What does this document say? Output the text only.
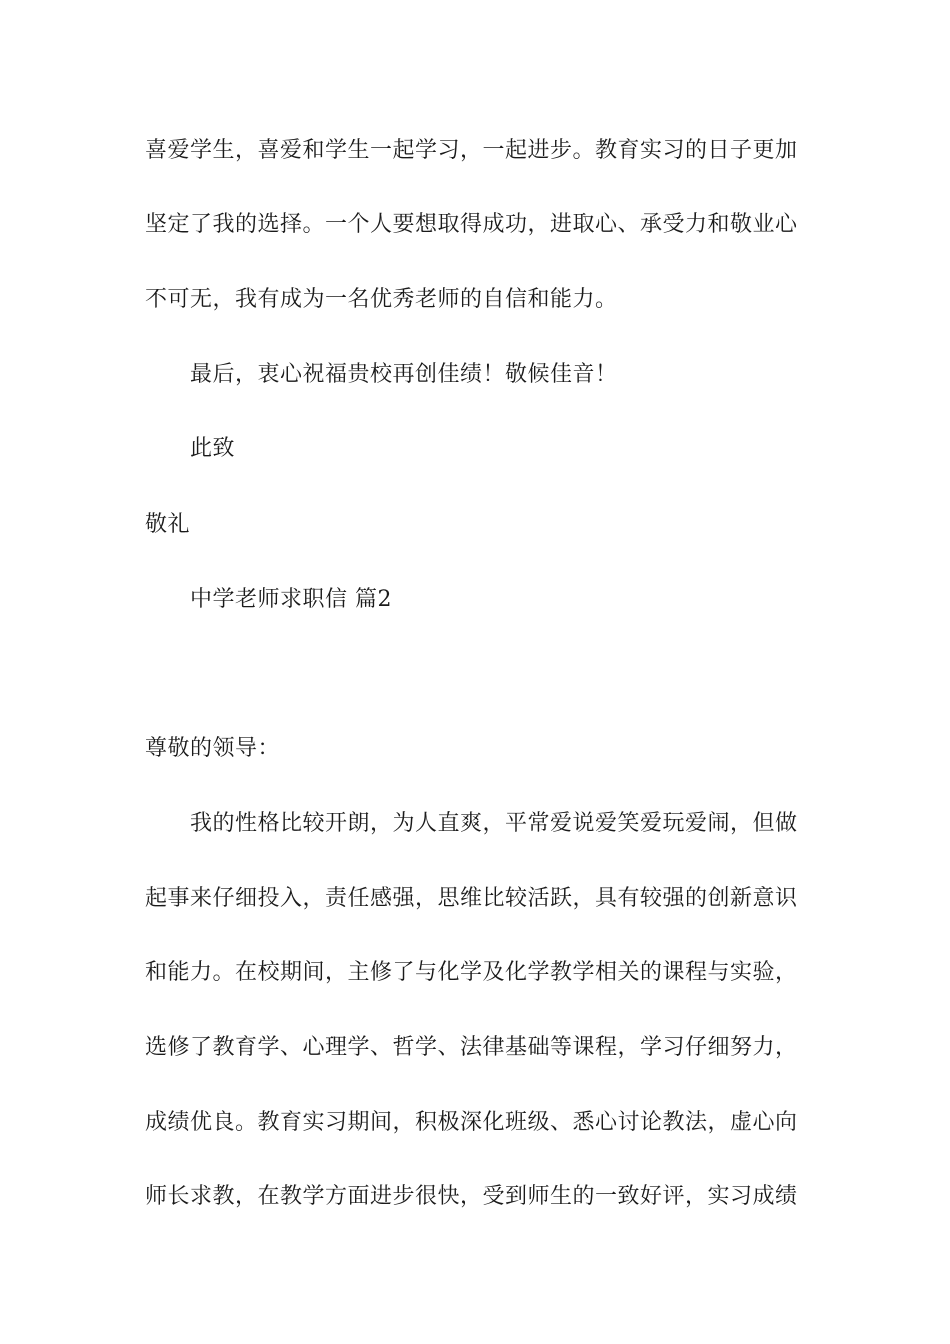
喜爱学生，喜爱和学生一起学习，一起进步。教育实习的日子更加
坚定了我的选择。一个人要想取得成功，进取心、承受力和敬业心
不可无，我有成为一名优秀老师的自信和能力。
最后，衷心祝福贵校再创佳绩！敬候佳音！
此致
敬礼
中学老师求职信 篇2
尊敬的领导：
我的性格比较开朗，为人直爽，平常爱说爱笑爱玩爱闹，但做
起事来仔细投入，责任感强，思维比较活跃，具有较强的创新意识
和能力。在校期间，主修了与化学及化学教学相关的课程与实验，
选修了教育学、心理学、哲学、法律基础等课程，学习仔细努力，
成绩优良。教育实习期间，积极深化班级、悉心讨论教法，虚心向
师长求教，在教学方面进步很快，受到师生的一致好评，实习成绩
